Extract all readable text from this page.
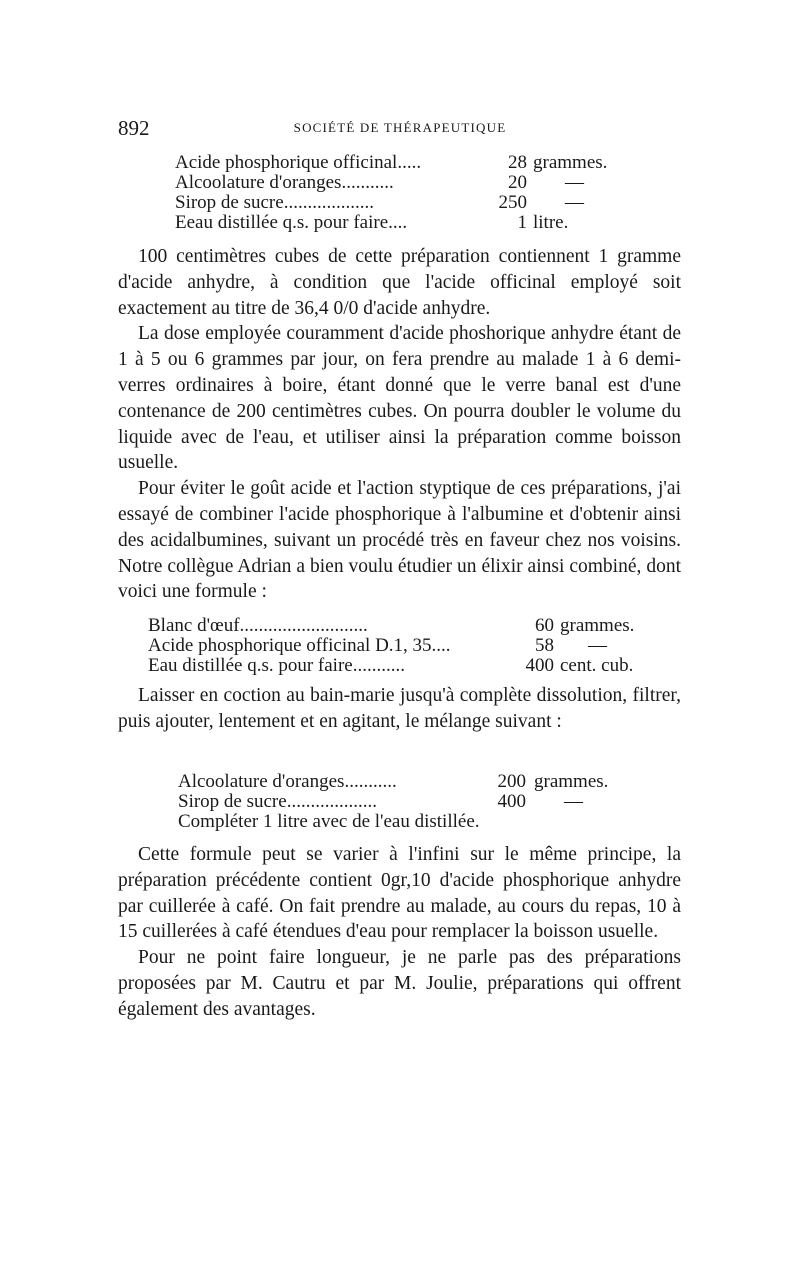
892	SOCIÉTÉ DE THÉRAPEUTIQUE
Acide phosphorique officinal.....	28 grammes.
Alcoolature d'oranges...........	20 —
Sirop de sucre...................	250 —
Eeau distillée q.s. pour faire....	1 litre.

100 centimètres cubes de cette préparation contiennent 1 gramme d'acide anhydre, à condition que l'acide officinal employé soit exactement au titre de 36,4 0/0 d'acide anhydre.

La dose employée couramment d'acide phoshorique anhydre étant de 1 à 5 ou 6 grammes par jour, on fera prendre au malade 1 à 6 demi-verres ordinaires à boire, étant donné que le verre banal est d'une contenance de 200 centimètres cubes. On pourra doubler le volume du liquide avec de l'eau, et utiliser ainsi la préparation comme boisson usuelle.

Pour éviter le goût acide et l'action styptique de ces préparations, j'ai essayé de combiner l'acide phosphorique à l'albumine et d'obtenir ainsi des acidalbumines, suivant un procédé très en faveur chez nos voisins. Notre collègue Adrian a bien voulu étudier un élixir ainsi combiné, dont voici une formule :

Blanc d'œuf...........................	60 grammes.
Acide phosphorique officinal D.1, 35....	58 —
Eau distillée q.s. pour faire...........	400 cent. cub.

Laisser en coction au bain-marie jusqu'à complète dissolution, filtrer, puis ajouter, lentement et en agitant, le mélange suivant :

Alcoolature d'oranges...........	200 grammes.
Sirop de sucre...................	400 —
Compléter 1 litre avec de l'eau distillée.

Cette formule peut se varier à l'infini sur le même principe, la préparation précédente contient 0gr,10 d'acide phosphorique anhydre par cuillerée à café. On fait prendre au malade, au cours du repas, 10 à 15 cuillerées à café étendues d'eau pour remplacer la boisson usuelle.

Pour ne point faire longueur, je ne parle pas des préparations proposées par M. Cautru et par M. Joulie, préparations qui offrent également des avantages.
